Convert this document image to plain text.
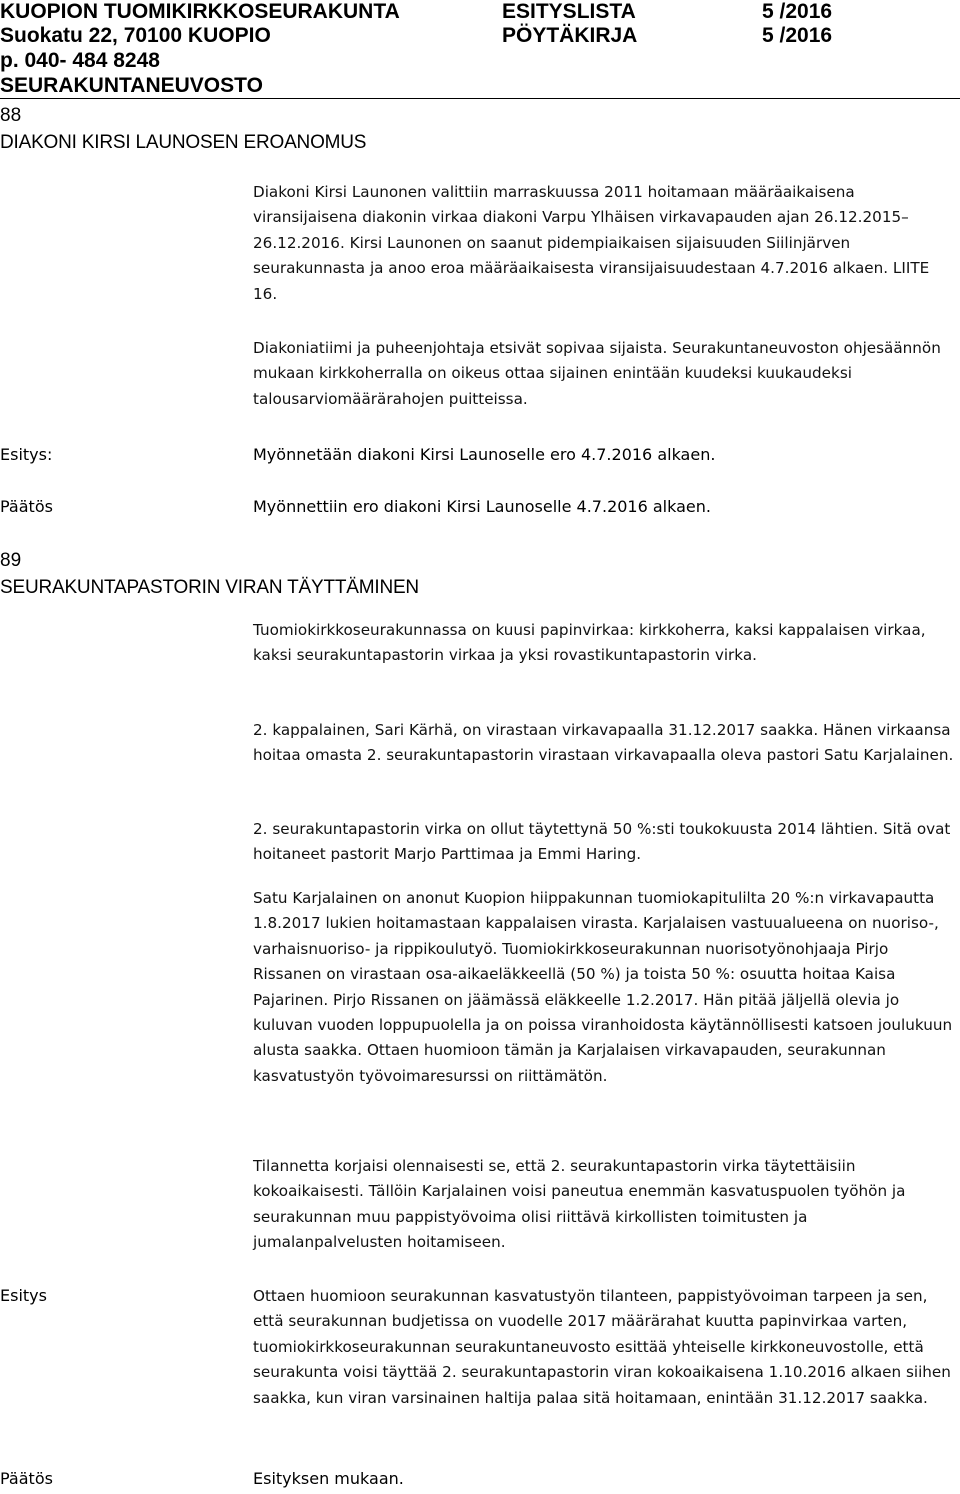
KUOPION TUOMIKIRKKOSEURAKUNTA	ESITYSLISTA	5 /2016
Suokatu 22, 70100 KUOPIO	PÖYTÄKIRJA	5 /2016
p. 040- 484 8248
SEURAKUNTANEUVOSTO
88
DIAKONI KIRSI LAUNOSEN EROANOMUS

Diakoni Kirsi Launonen valittiin marraskuussa 2011 hoitamaan määräaikaisena viransijaisena diakonin virkaa diakoni Varpu Ylhäisen virkavapauden ajan 26.12.2015–26.12.2016. Kirsi Launonen on saanut pidempiaikaisen sijaisuuden Siilinjärven seurakunnasta ja anoo eroa määräaikaisesta viransijaisuudestaan 4.7.2016 alkaen. LIITE 16.

Diakoniatiimi ja puheenjohtaja etsivät sopivaa sijaista. Seurakuntaneuvoston ohjesäännön mukaan kirkkoherralla on oikeus ottaa sijainen enintään kuudeksi kuukaudeksi talousarviomäärärahojen puitteissa.

Esitys:	Myönnetään diakoni Kirsi Launoselle ero 4.7.2016 alkaen.
Päätös	Myönnettiin ero diakoni Kirsi Launoselle 4.7.2016 alkaen.
89
SEURAKUNTAPASTORIN VIRAN TÄYTTÄMINEN

Tuomiokirkkoseurakunnassa on kuusi papinvirkaa: kirkkoherra, kaksi kappalaisen virkaa, kaksi seurakuntapastorin virkaa ja yksi rovastikuntapastorin virka.

2. kappalainen, Sari Kärhä, on virastaan virkavapaalla 31.12.2017 saakka. Hänen virkaansa hoitaa omasta 2. seurakuntapastorin virastaan virkavapaalla oleva pastori Satu Karjalainen.

2. seurakuntapastorin virka on ollut täytettynä 50 %:sti toukokuusta 2014 lähtien. Sitä ovat hoitaneet pastorit Marjo Parttimaa ja Emmi Haring.

Satu Karjalainen on anonut Kuopion hiippakunnan tuomiokapitulilta 20 %:n virkavapautta 1.8.2017 lukien hoitamastaan kappalaisen virasta. Karjalaisen vastuualueena on nuoriso-, varhaisnuoriso- ja rippikoulutyö. Tuomiokirkkoseurakunnan nuorisotyönohjaaja Pirjo Rissanen on virastaan osa-aikaeläkkeellä (50 %) ja toista 50 %: osuutta hoitaa Kaisa Pajarinen. Pirjo Rissanen on jäämässä eläkkeelle 1.2.2017. Hän pitää jäljellä olevia jo kuluvan vuoden loppupuolella ja on poissa viranhoidosta käytännöllisesti katsoen joulukuun alusta saakka. Ottaen huomioon tämän ja Karjalaisen virkavapauden, seurakunnan kasvatustyön työvoimaresurssi on riittämätön.

Tilannetta korjaisi olennaisesti se, että 2. seurakuntapastorin virka täytettäisiin kokoaikaisesti. Tällöin Karjalainen voisi paneutua enemmän kasvatuspuolen työhön ja seurakunnan muu pappistyövoima olisi riittävä kirkollisten toimitusten ja jumalanpalvelusten hoitamiseen.

Esitys	Ottaen huomioon seurakunnan kasvatustyön tilanteen, pappistyövoiman tarpeen ja sen, että seurakunnan budjetissa on vuodelle 2017 määrärahat kuutta papinvirkaa varten, tuomiokirkkoseurakunnan seurakuntaneuvosto esittää yhteiselle kirkkoneuvostolle, että seurakunta voisi täyttää 2. seurakuntapastorin viran kokoaikaisena 1.10.2016 alkaen siihen saakka, kun viran varsinainen haltija palaa sitä hoitamaan, enintään 31.12.2017 saakka.

Päätös	Esityksen mukaan.
